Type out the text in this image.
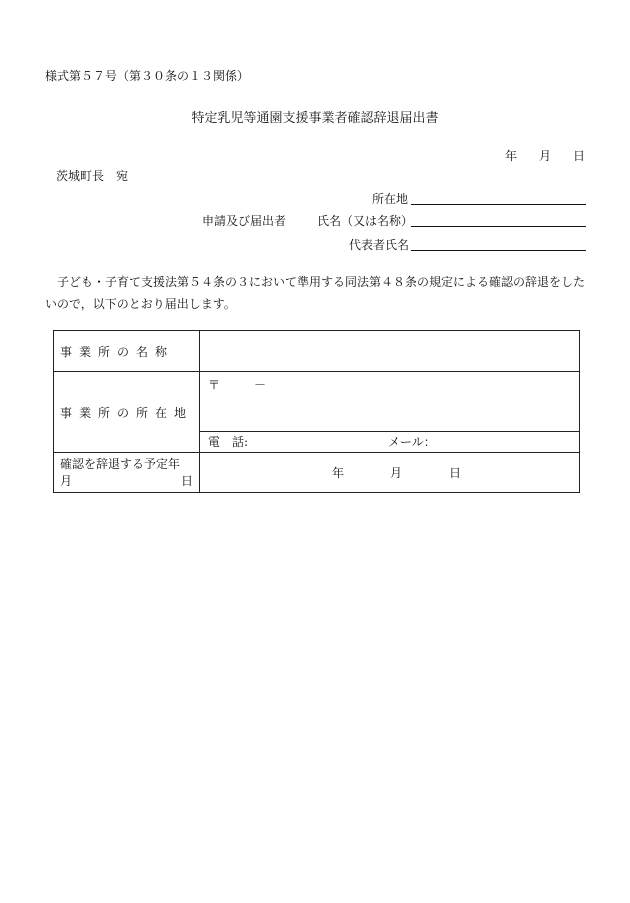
様式第５７号（第３０条の１３関係）
特定乳児等通園支援事業者確認辞退届出書
年 月 日
茨城町長　宛
所在地
申請及び届出者	氏名（又は名称）
代表者氏名
子ども・子育て支援法第５４条の３において準用する同法第４８条の規定による確認の辞退をしたいので，以下のとおり届出します。
事業所の名称	
事業所の所在地	〒 －

	電　話: メール：

確認を辞退する予定年
月 日	年 月 日
